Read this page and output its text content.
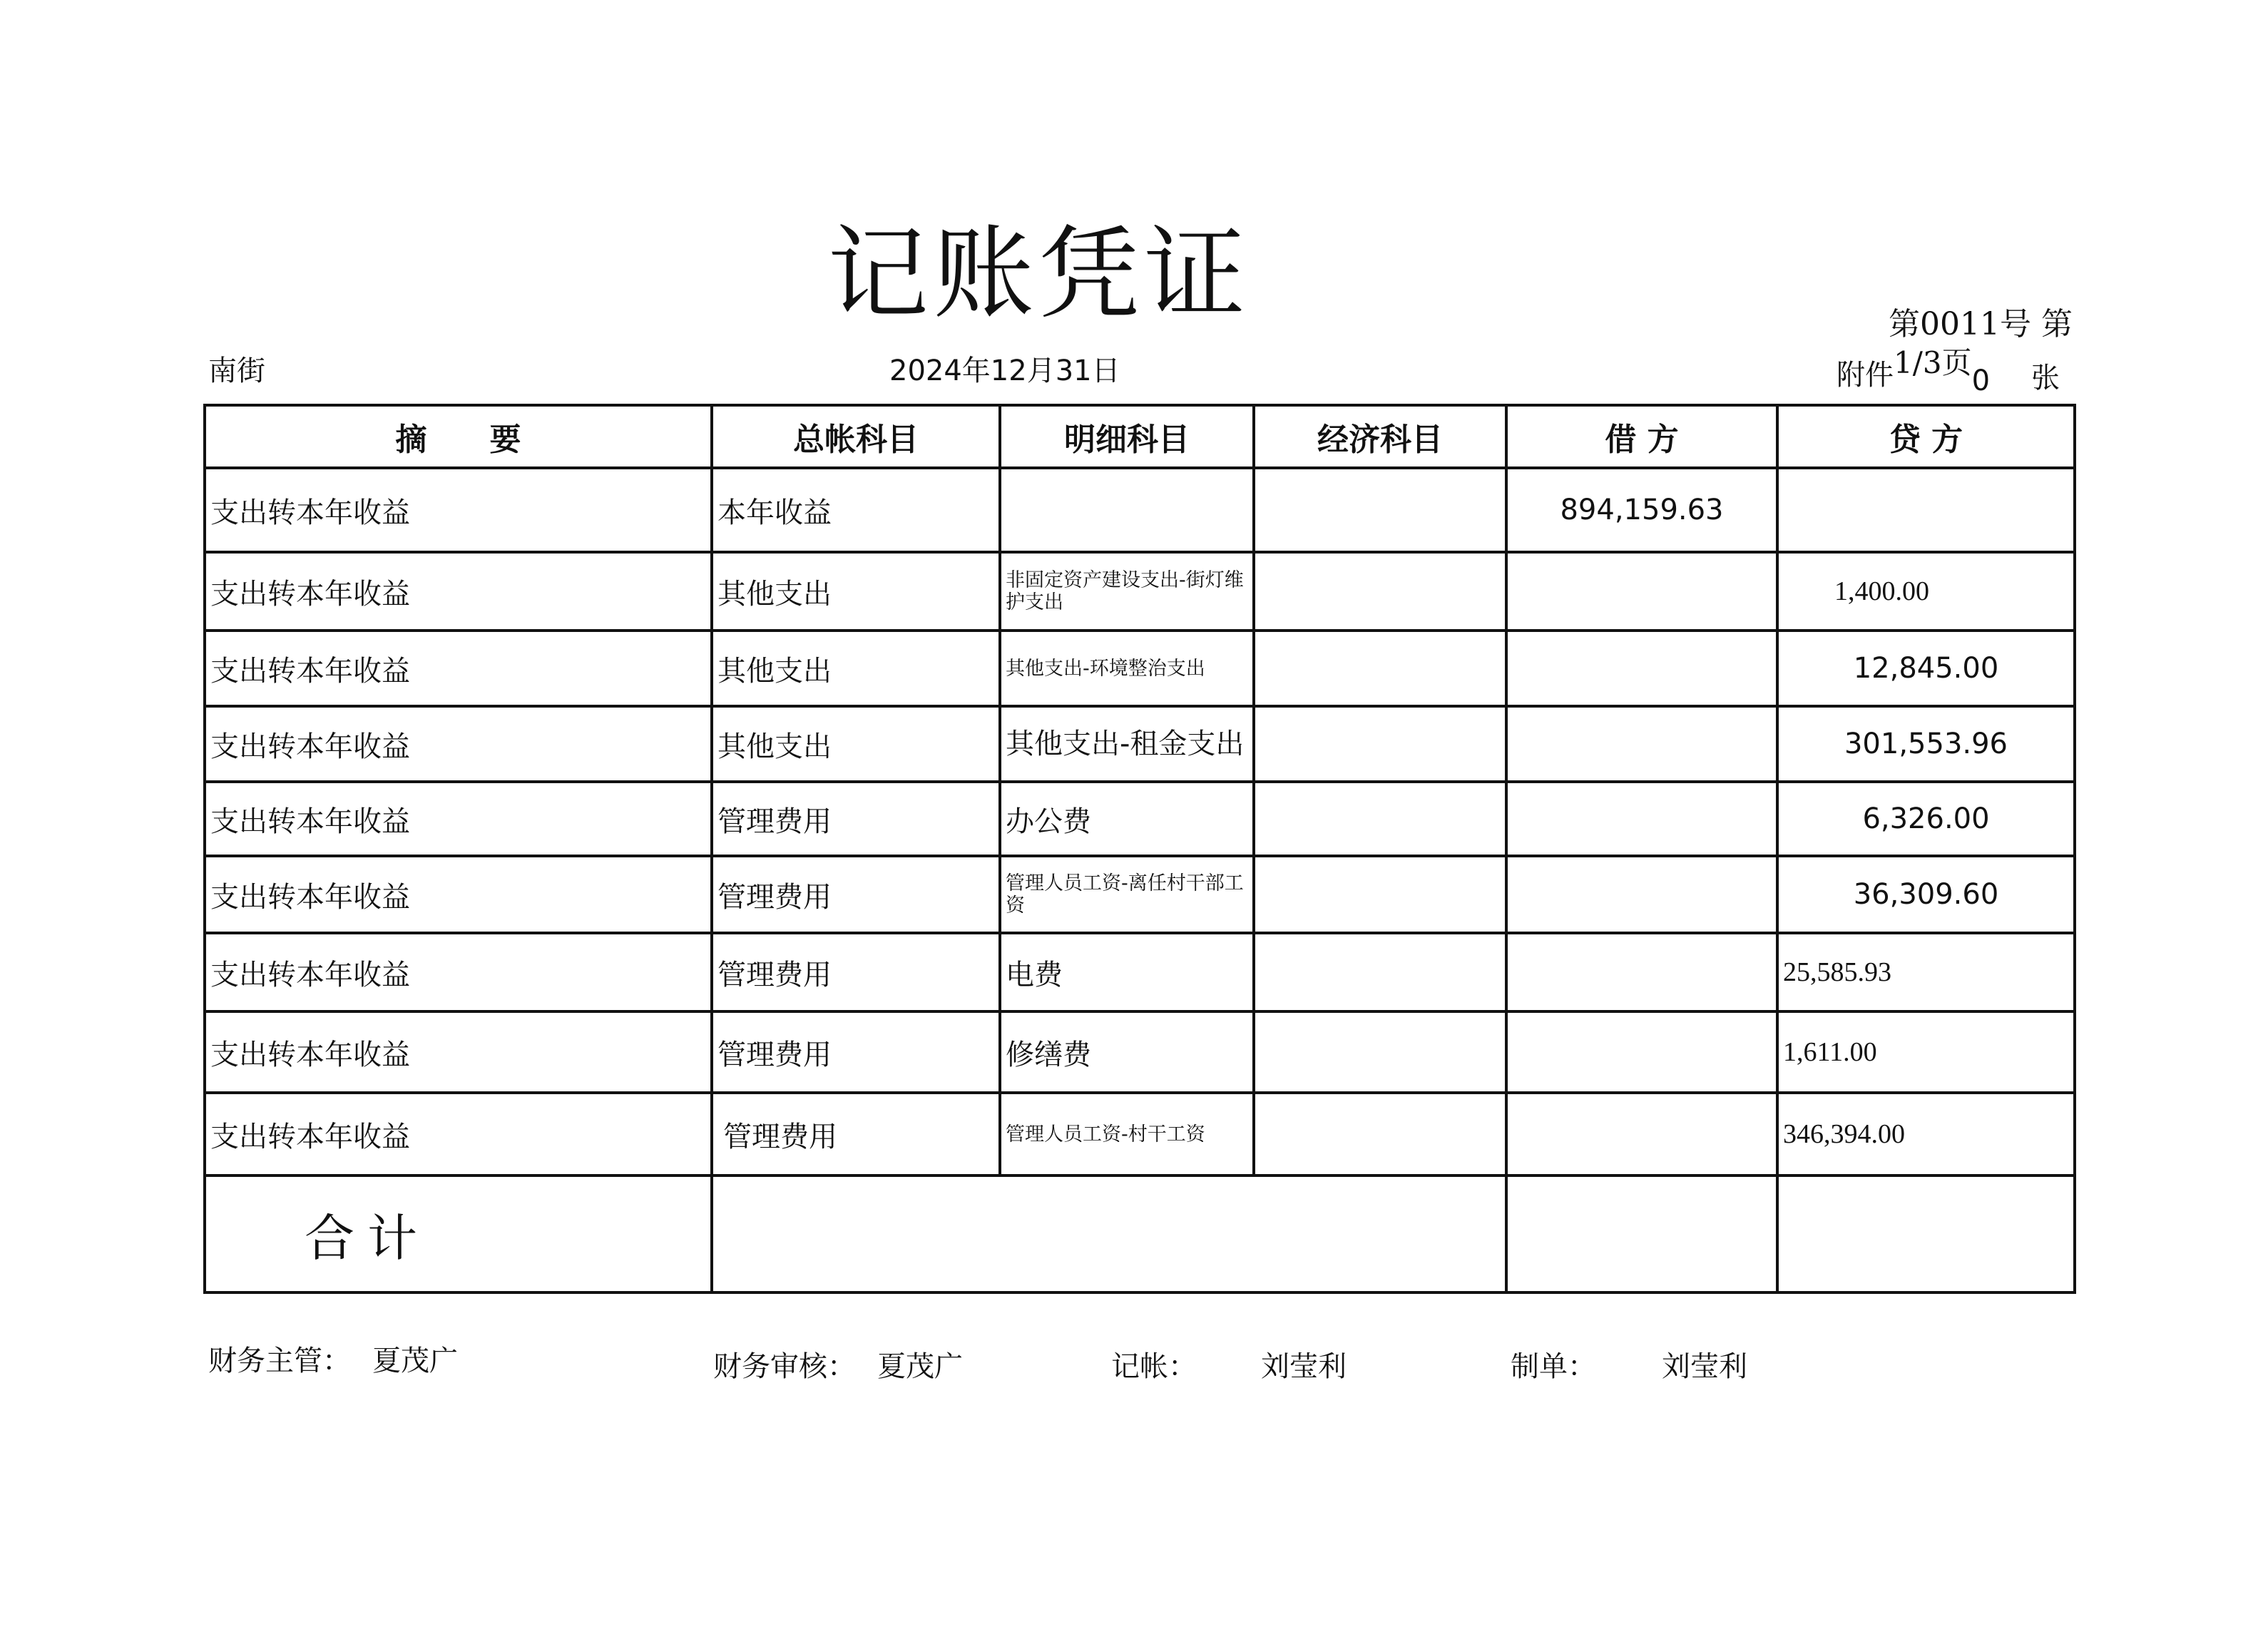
记账凭证	第0011号 第
南街	2024年12月31日	附件1/3页0 张
摘　　要	总帐科目	明细科目	经济科目	借 方	贷 方
支出转本年收益	本年收益			894,159.63	
支出转本年收益	其他支出	非固定资产建设支出-街灯维护支出			1,400.00
支出转本年收益	其他支出	其他支出-环境整治支出			12,845.00
支出转本年收益	其他支出	其他支出-租金支出			301,553.96
支出转本年收益	管理费用	办公费			6,326.00
支出转本年收益	管理费用	管理人员工资-离任村干部工资			36,309.60
支出转本年收益	管理费用	电费			25,585.93
支出转本年收益	管理费用	修缮费			1,611.00
支出转本年收益	管理费用	管理人员工资-村干工资			346,394.00
合计					
财务主管： 夏茂广	财务审核： 夏茂广	记帐： 刘莹利	制单： 刘莹利
